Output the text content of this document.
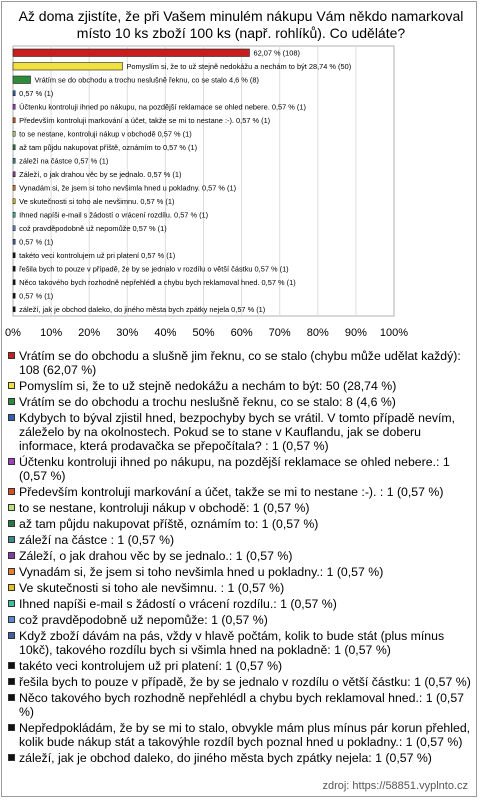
Až doma zjistíte, že při Vašem minulém nákupu Vám někdo namarkoval místo 10 ks zboží 100 ks (např. rohlíků). Co uděláte?
0% 10% 20% 30% 40% 50% 60% 70% 80% 90% 100%
62,07 % (108)
Pomyslím si, že to už stejně nedokážu a nechám to být 28,74 % (50)
Vrátím se do obchodu a trochu neslušně řeknu, co se stalo 4,6 % (8)
0,57 % (1)
Účtenku kontroluji ihned po nákupu, na pozdější reklamace se ohled nebere. 0,57 % (1)
Především kontroluji markování a účet, takže se mi to nestane :-). 0,57 % (1)
to se nestane, kontroluji nákup v obchodě 0,57 % (1)
až tam půjdu nakupovat příště, oznámím to 0,57 % (1)
záleží na částce 0,57 % (1)
Záleží, o jak drahou věc by se jednalo. 0,57 % (1)
Vynadám si, že jsem si toho nevšimla hned u pokladny. 0,57 % (1)
Ve skutečnosti si toho ale nevšimnu. 0,57 % (1)
Ihned napíši e-mail s žádostí o vrácení rozdílu. 0,57 % (1)
což pravděpodobně už nepomůže 0,57 % (1)
0,57 % (1)
takéto veci kontrolujem už pri platení 0,57 % (1)
řešila bych to pouze v případě, že by se jednalo v rozdílu o větší částku 0,57 % (1)
Něco takového bych rozhodně nepřehlédl a chybu bych reklamoval hned. 0,57 % (1)
0,57 % (1)
záleží, jak je obchod daleko, do jiného města bych zpátky nejela 0,57 % (1)
Vrátím se do obchodu a slušně jim řeknu, co se stalo (chybu může udělat každý): 108 (62,07 %)
Pomyslím si, že to už stejně nedokážu a nechám to být: 50 (28,74 %)
Vrátím se do obchodu a trochu neslušně řeknu, co se stalo: 8 (4,6 %)
Kdybych to býval zjistil hned, bezpochyby bych se vrátil. V tomto případě nevím, záleželo by na okolnostech. Pokud se to stane v Kauflandu, jak se doberu informace, která prodavačka se přepočítala? : 1 (0,57 %)
Účtenku kontroluji ihned po nákupu, na pozdější reklamace se ohled nebere.: 1 (0,57 %)
Především kontroluji markování a účet, takže se mi to nestane :-). : 1 (0,57 %)
to se nestane, kontroluji nákup v obchodě: 1 (0,57 %)
až tam půjdu nakupovat příště, oznámím to: 1 (0,57 %)
záleží na částce : 1 (0,57 %)
Záleží, o jak drahou věc by se jednalo.: 1 (0,57 %)
Vynadám si, že jsem si toho nevšimla hned u pokladny.: 1 (0,57 %)
Ve skutečnosti si toho ale nevšimnu. : 1 (0,57 %)
Ihned napíši e-mail s žádostí o vrácení rozdílu.: 1 (0,57 %)
což pravděpodobně už nepomůže: 1 (0,57 %)
Když zboží dávám na pás, vždy v hlavě počtám, kolik to bude stát (plus mínus 10kč), takového rozdílu bych si všimla hned na pokladně: 1 (0,57 %)
takéto veci kontrolujem už pri platení: 1 (0,57 %)
řešila bych to pouze v případě, že by se jednalo v rozdílu o větší částku: 1 (0,57 %)
Něco takového bych rozhodně nepřehlédl a chybu bych reklamoval hned.: 1 (0,57 %)
Nepředpokládám, že by se mi to stalo, obvykle mám plus mínus pár korun přehled, kolik bude nákup stát a takovýhle rozdíl bych poznal hned u pokladny.: 1 (0,57 %)
záleží, jak je obchod daleko, do jiného města bych zpátky nejela: 1 (0,57 %)
zdroj: https://58851.vyplnto.cz
